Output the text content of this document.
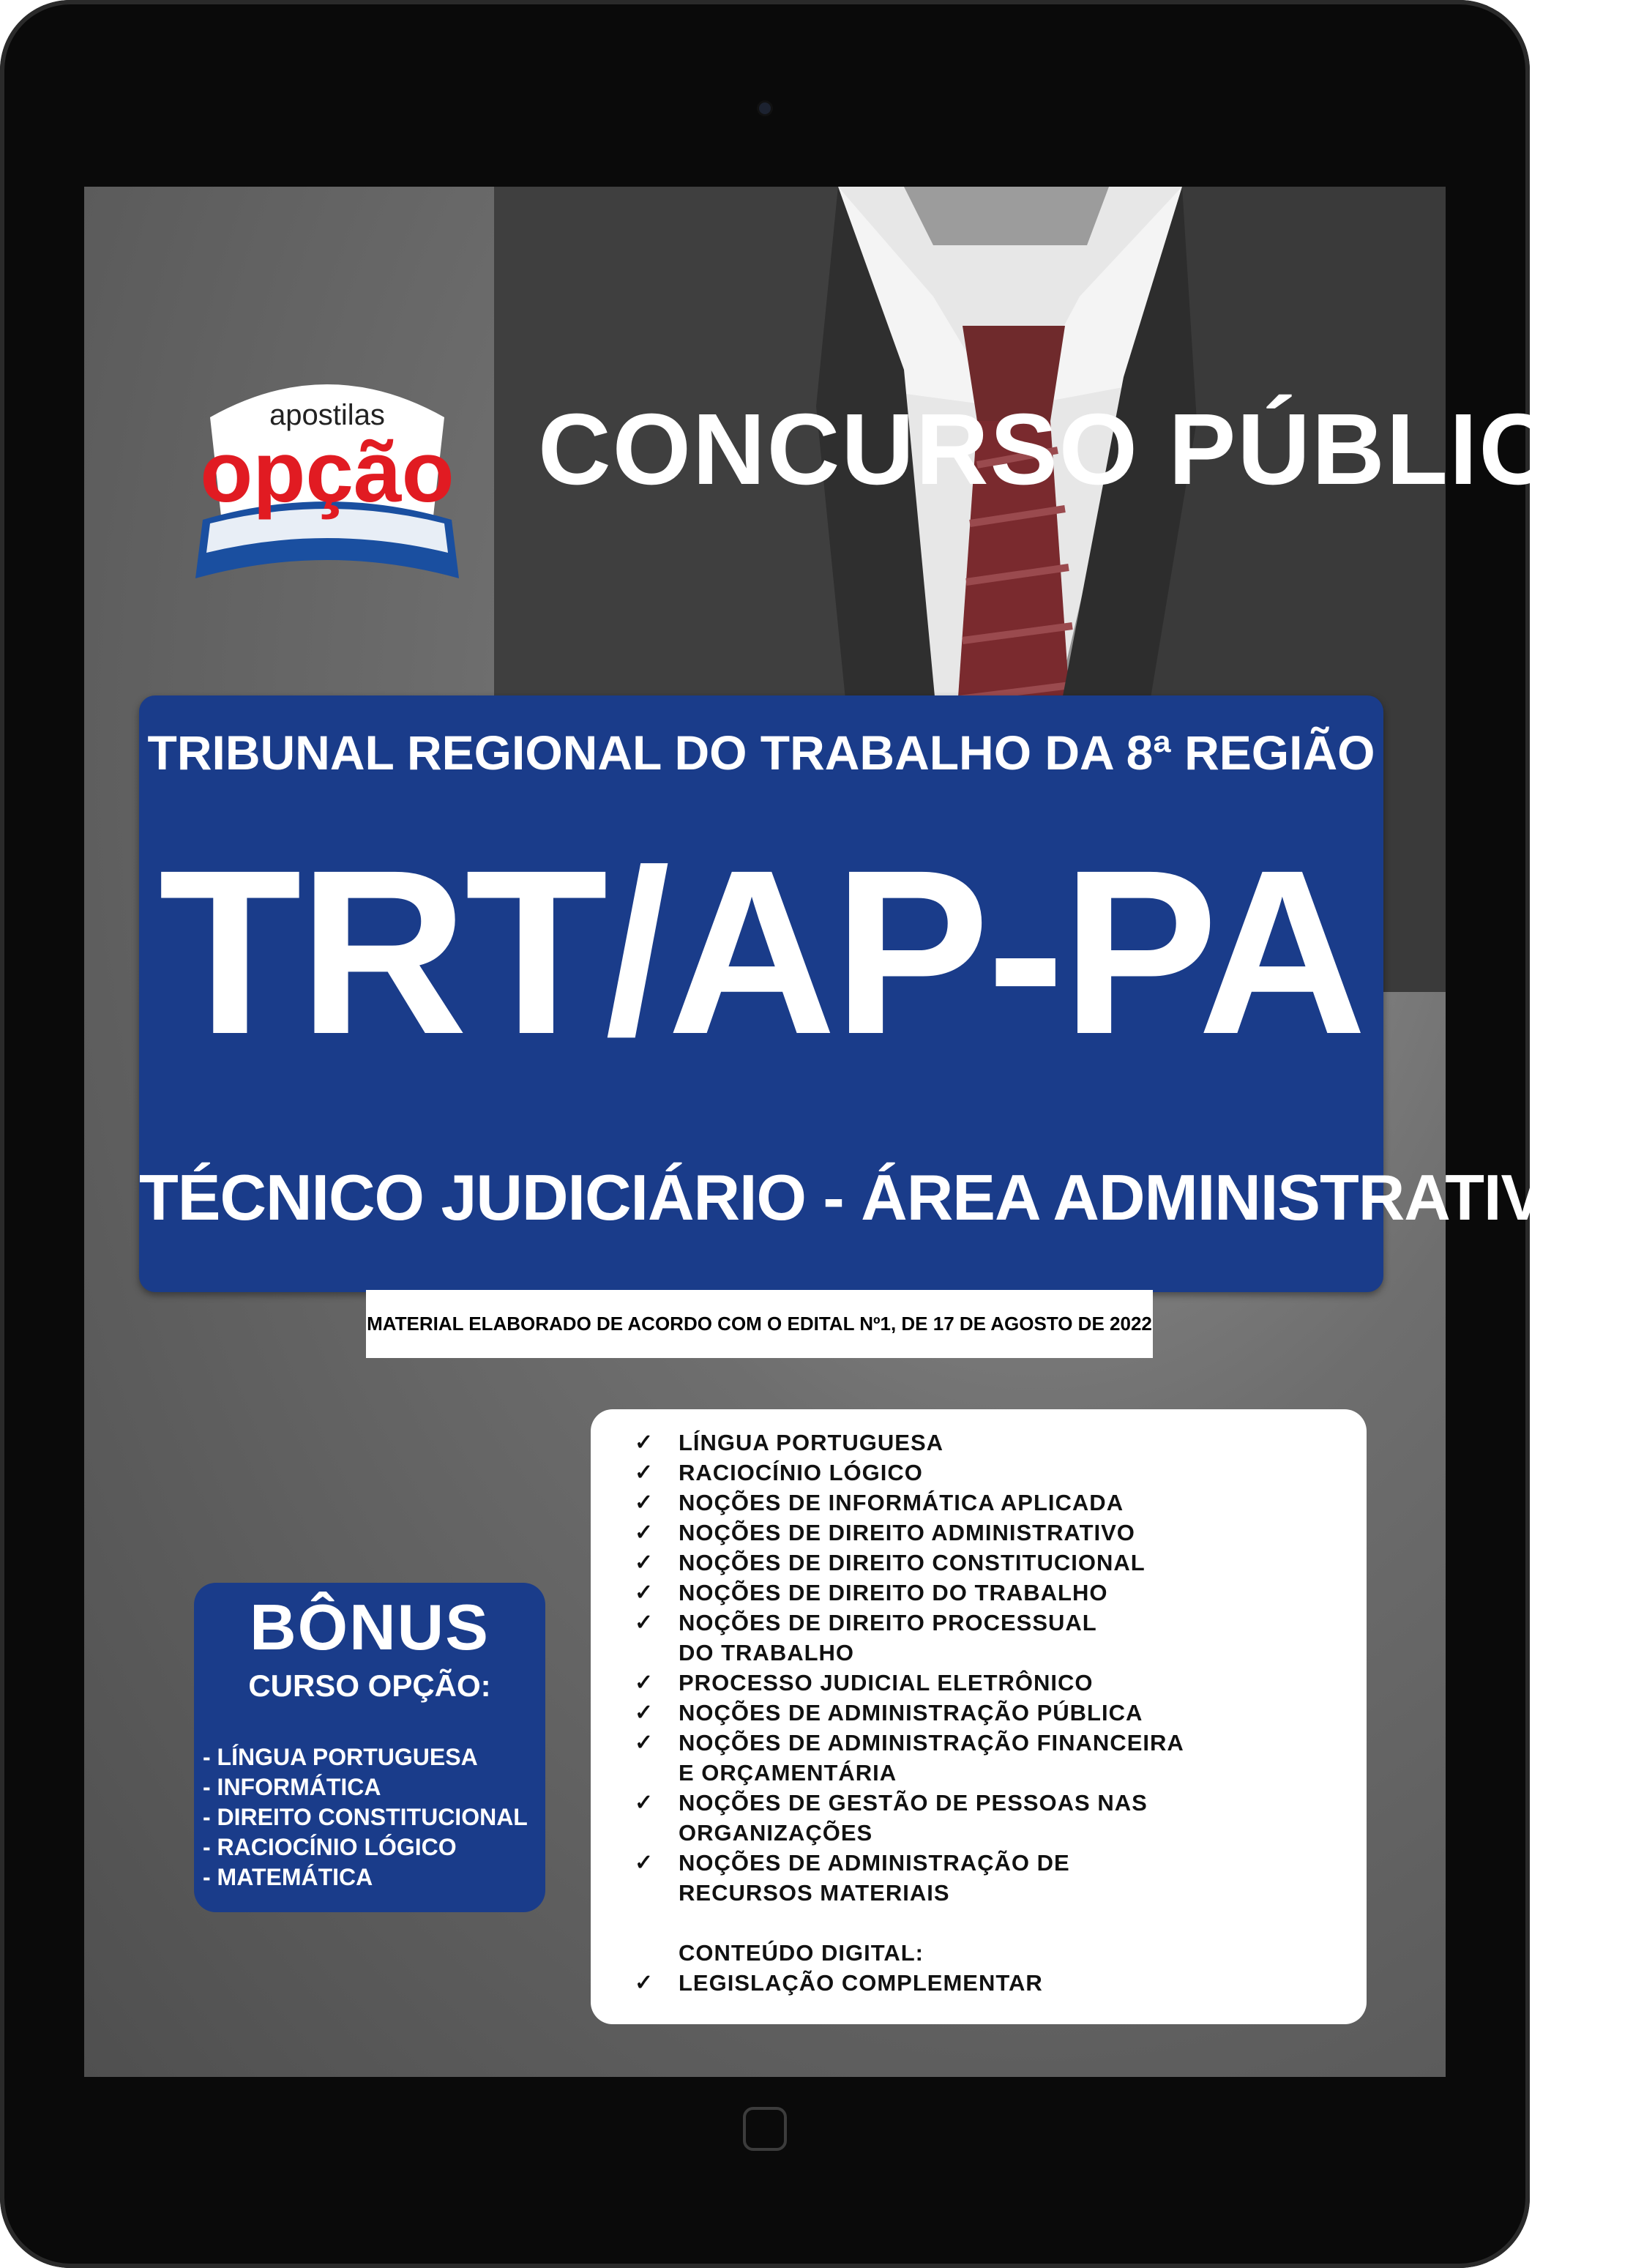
apostilas
opção CONCURSO PÚBLICO
TRIBUNAL REGIONAL DO TRABALHO DA 8ª REGIÃO
TRT/AP-PA
TÉCNICO JUDICIÁRIO - ÁREA ADMINISTRATIVA
MATERIAL ELABORADO DE ACORDO COM O EDITAL Nº1, DE 17 DE AGOSTO DE 2022
✓ LÍNGUA PORTUGUESA
✓ RACIOCÍNIO LÓGICO
✓ NOÇÕES DE INFORMÁTICA APLICADA
✓ NOÇÕES DE DIREITO ADMINISTRATIVO
✓ NOÇÕES DE DIREITO CONSTITUCIONAL
✓ NOÇÕES DE DIREITO DO TRABALHO
✓ NOÇÕES DE DIREITO PROCESSUAL
DO TRABALHO
✓ PROCESSO JUDICIAL ELETRÔNICO
✓ NOÇÕES DE ADMINISTRAÇÃO PÚBLICA
✓ NOÇÕES DE ADMINISTRAÇÃO FINANCEIRA
E ORÇAMENTÁRIA
✓ NOÇÕES DE GESTÃO DE PESSOAS NAS
ORGANIZAÇÕES
✓ NOÇÕES DE ADMINISTRAÇÃO DE
RECURSOS MATERIAIS
CONTEÚDO DIGITAL:
✓ LEGISLAÇÃO COMPLEMENTAR
BÔNUS
CURSO OPÇÃO:
- LÍNGUA PORTUGUESA
- INFORMÁTICA
- DIREITO CONSTITUCIONAL
- RACIOCÍNIO LÓGICO
- MATEMÁTICA
